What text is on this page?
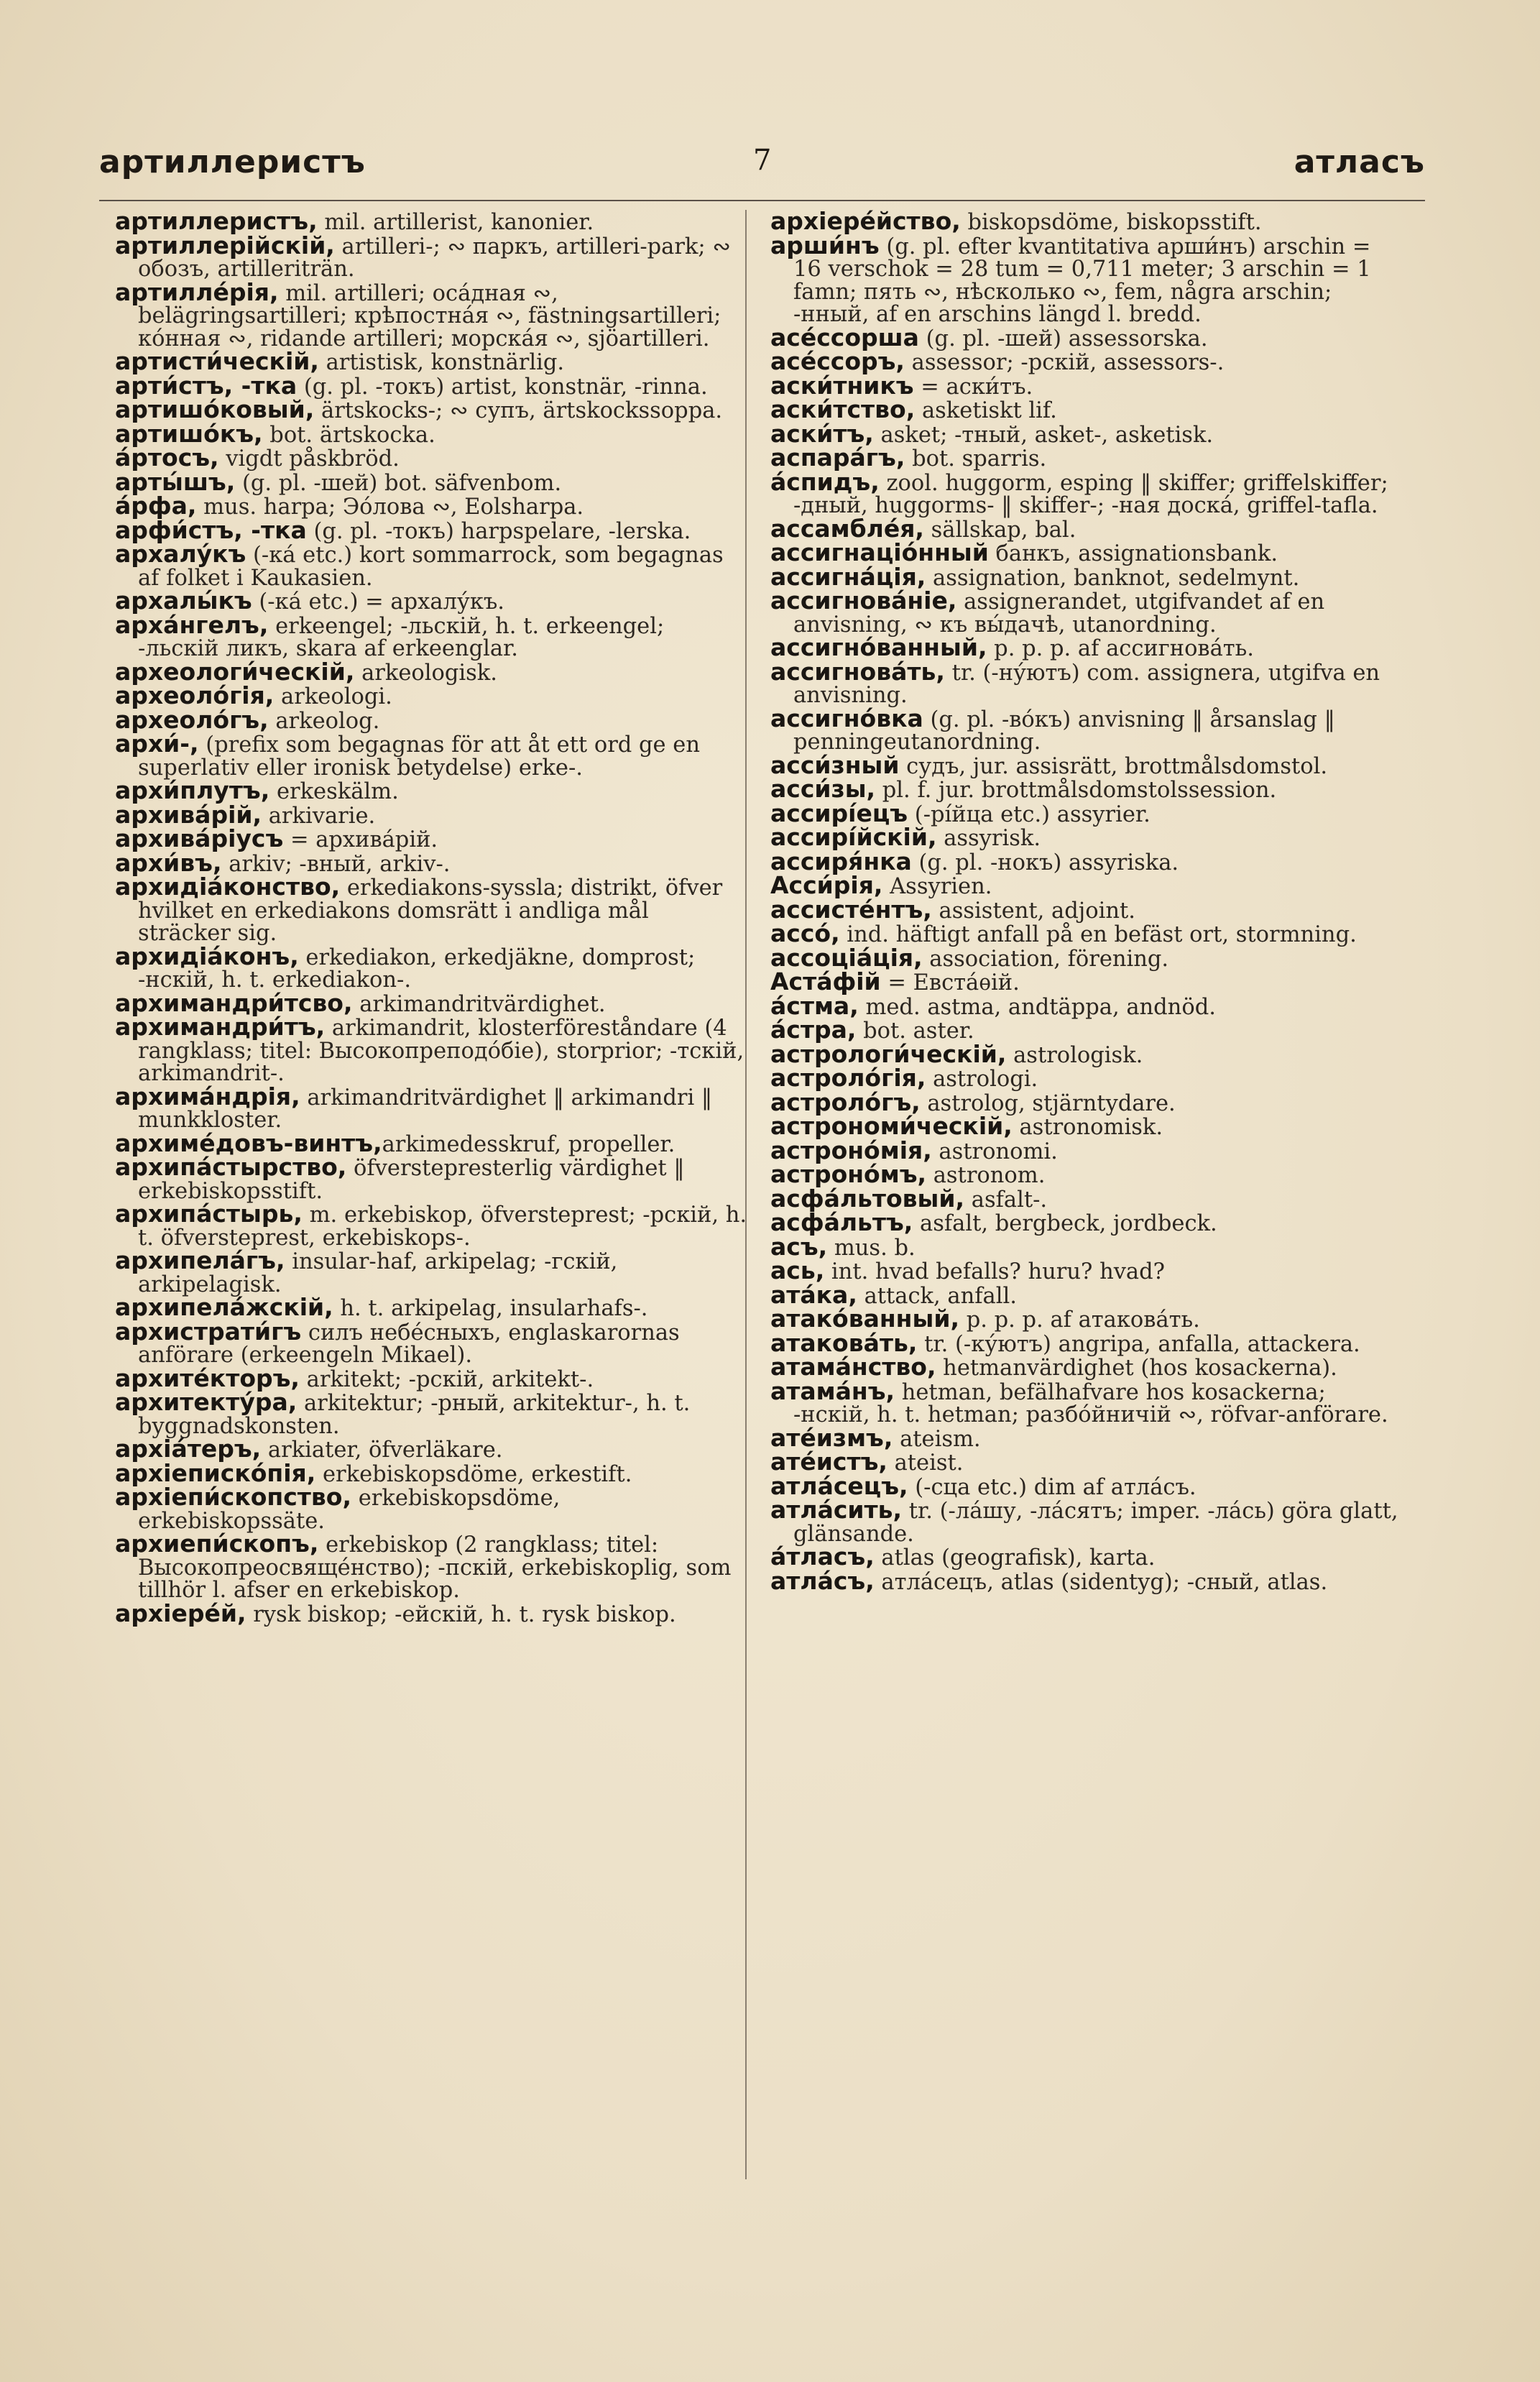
артиллеристъ	7	атласъ

артиллеристъ, mil. artillerist, kanonier.

артиллерійскій, artilleri-; ∾ паркъ, artilleri-park; ∾ обозъ, artilleriträn.

артилле́рія, mil. artilleri; оса́дная ∾, belägringsartilleri; крѣпостна́я ∾, fästningsartilleri; ко́нная ∾, ridande artilleri; морска́я ∾, sjöartilleri.

артисти́ческій, artistisk, konstnärlig.

арти́стъ, -тка (g. pl. -токъ) artist, konstnär, -rinna.

артишо́ковый, ärtskocks-; ∾ супъ, ärtskockssoppa.

артишо́къ, bot. ärtskocka.

а́ртосъ, vigdt påskbröd.

арты́шъ, (g. pl. -шей) bot. säfvenbom.

а́рфа, mus. harpa; Эо́лова ∾, Eolsharpa.

арфи́стъ, -тка (g. pl. -токъ) harpspelare, -lerska.

архалу́къ (-ка́ etc.) kort sommarrock, som begagnas af folket i Kaukasien.

архалы́къ (-ка́ etc.) = архалу́къ.

арха́нгелъ, erkeengel; -льскій, h. t. erkeengel; -льскій ликъ, skara af erkeenglar.

археологи́ческій, arkeologisk.

археоло́гія, arkeologi.

археоло́гъ, arkeolog.

архи́-, (prefix som begagnas för att åt ett ord ge en superlativ eller ironisk betydelse) erke-.

архи́плутъ, erkeskälm.

архива́рій, arkivarie.

архива́ріусъ = архива́рій.

архи́въ, arkiv; -вный, arkiv-.

архидіа́конство, erkediakons-syssla; distrikt, öfver hvilket en erkediakons domsrätt i andliga mål sträcker sig.

архидіа́конъ, erkediakon, erkedjäkne, domprost; -нскій, h. t. erkediakon-.

архимандри́тсво, arkimandritvärdighet.

архимандри́тъ, arkimandrit, klosterföreståndare (4 rangklass; titel: Высокопреподо́біе), storprior; -тскій, arkimandrit-.

архима́ндрія, arkimandritvärdighet ‖ arkimandri ‖ munkkloster.

архиме́довъ-винтъ,arkimedesskruf, propeller.

архипа́стырство, öfverstepresterlig värdighet ‖ erkebiskopsstift.

архипа́стырь, m. erkebiskop, öfversteprest; -рскій, h. t. öfversteprest, erkebiskops-.

архипела́гъ, insular-haf, arkipelag; -гскій, arkipelagisk.

архипела́жскій, h. t. arkipelag, insularhafs-.

архистрати́гъ силъ небе́сныхъ, englaskarornas anförare (erkeengeln Mikael).

архите́кторъ, arkitekt; -рскій, arkitekt-.

архитекту́ра, arkitektur; -рный, arkitektur-, h. t. byggnadskonsten.

архіа́теръ, arkiater, öfverläkare.

архіеписко́пія, erkebiskopsdöme, erkestift.

архіепи́скопство, erkebiskopsdöme, erkebiskopssäte.

архиепи́скопъ, erkebiskop (2 rangklass; titel: Высокопреосвяще́нство); -пскій, erkebiskoplig, som tillhör l. afser en erkebiskop.

архіере́й, rysk biskop; -ейскій, h. t. rysk biskop.

архіере́йство, biskopsdöme, biskopsstift.

арши́нъ (g. pl. efter kvantitativa арши́нъ) arschin = 16 verschok = 28 tum = 0,711 meter; 3 arschin = 1 famn; пять ∾, нѣсколько ∾, fem, några arschin; -нный, af en arschins längd l. bredd.

асе́ссорша (g. pl. -шей) assessorska.

асе́ссоръ, assessor; -рскій, assessors-.

аски́тникъ = аски́тъ.

аски́тство, asketiskt lif.

аски́тъ, asket; -тный, asket-, asketisk.

аспара́гъ, bot. sparris.

а́спидъ, zool. huggorm, esping ‖ skiffer; griffelskiffer; -дный, huggorms- ‖ skiffer-; -ная доска́, griffel-tafla.

ассамбле́я, sällskap, bal.

ассигнаціо́нный банкъ, assignationsbank.

ассигна́ція, assignation, banknot, sedelmynt.

ассигнова́ніе, assignerandet, utgifvandet af en anvisning, ∾ къ вы́дачѣ, utanordning.

ассигно́ванный, p. p. p. af ассигнова́ть.

ассигнова́ть, tr. (-ну́ютъ) com. assignera, utgifva en anvisning.

ассигно́вка (g. pl. -во́къ) anvisning ‖ årsanslag ‖ penningeutanordning.

асси́зный судъ, jur. assisrätt, brottmålsdomstol.

асси́зы, pl. f. jur. brottmålsdomstolssession.

ассирі́ецъ (-рі́йца etc.) assyrier.

ассирі́йскій, assyrisk.

ассиря́нка (g. pl. -нокъ) assyriska.

Асси́рія, Assyrien.

ассисте́нтъ, assistent, adjoint.

ассо́, ind. häftigt anfall på en befäst ort, stormning.

ассоціа́ція, association, förening.

Аста́фій = Евста́ѳій.

а́стма, med. astma, andtäppa, andnöd.

а́стра, bot. aster.

астрологи́ческій, astrologisk.

астроло́гія, astrologi.

астроло́гъ, astrolog, stjärntydare.

астрономи́ческій, astronomisk.

астроно́мія, astronomi.

астроно́мъ, astronom.

асфа́льтовый, asfalt-.

асфа́льтъ, asfalt, bergbeck, jordbeck.

асъ, mus. b.

ась, int. hvad befalls? huru? hvad?

ата́ка, attack, anfall.

атако́ванный, p. p. p. af атакова́ть.

атакова́ть, tr. (-ку́ютъ) angripa, anfalla, attackera.

атама́нство, hetmanvärdighet (hos kosackerna).

атама́нъ, hetman, befälhafvare hos kosackerna; -нскій, h. t. hetman; разбо́йничій ∾, röfvar-anförare.

ате́измъ, ateism.

ате́истъ, ateist.

атла́сецъ, (-сца etc.) dim af атла́съ.

атла́сить, tr. (-ла́шу, -ла́сятъ; imper. -ла́сь) göra glatt, glänsande.

а́тласъ, atlas (geografisk), karta.

атла́съ, атла́сецъ, atlas (sidentyg); -сный, atlas.
